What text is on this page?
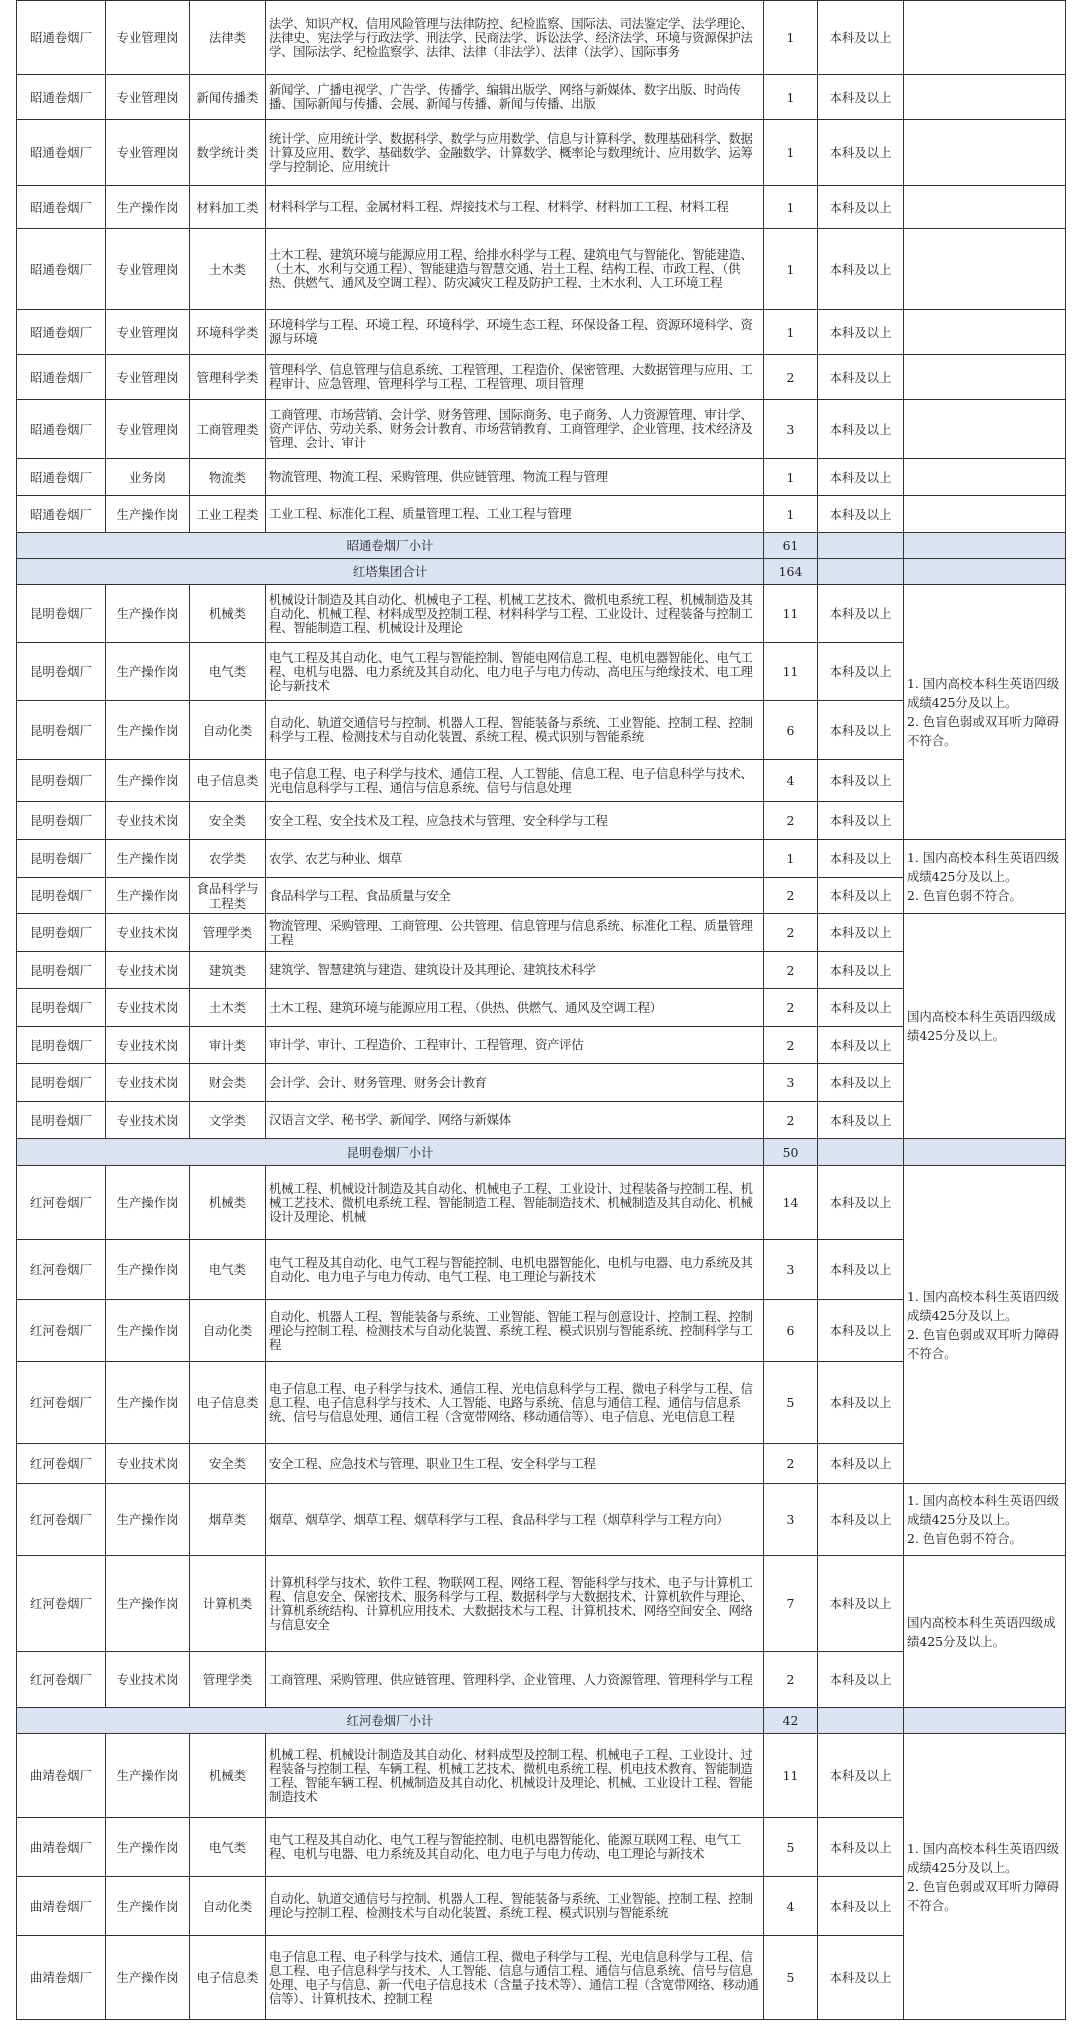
昭通卷烟厂	专业管理岗	法律类	法学、知识产权、信用风险管理与法律防控、纪检监察、国际法、司法鉴定学、法学理论、法律史、宪法学与行政法学、刑法学、民商法学、诉讼法学、经济法学、环境与资源保护法学、国际法学、纪检监察学、法律、法律（非法学）、法律（法学）、国际事务	1	本科及以上	
昭通卷烟厂	专业管理岗	新闻传播类	新闻学、广播电视学、广告学、传播学、编辑出版学、网络与新媒体、数字出版、时尚传播、国际新闻与传播、会展、新闻与传播、新闻与传播、出版	1	本科及以上	
昭通卷烟厂	专业管理岗	数学统计类	统计学、应用统计学、数据科学、数学与应用数学、信息与计算科学、数理基础科学、数据计算及应用、数学、基础数学、金融数学、计算数学、概率论与数理统计、应用数学、运筹学与控制论、应用统计	1	本科及以上	
昭通卷烟厂	生产操作岗	材料加工类	材料科学与工程、金属材料工程、焊接技术与工程、材料学、材料加工工程、材料工程	1	本科及以上	
昭通卷烟厂	专业管理岗	土木类	土木工程、建筑环境与能源应用工程、给排水科学与工程、建筑电气与智能化、智能建造、（土木、水利与交通工程）、智能建造与智慧交通、岩土工程、结构工程、市政工程、（供热、供燃气、通风及空调工程）、防灾减灾工程及防护工程、土木水利、人工环境工程	1	本科及以上	
昭通卷烟厂	专业管理岗	环境科学类	环境科学与工程、环境工程、环境科学、环境生态工程、环保设备工程、资源环境科学、资源与环境	1	本科及以上	
昭通卷烟厂	专业管理岗	管理科学类	管理科学、信息管理与信息系统、工程管理、工程造价、保密管理、大数据管理与应用、工程审计、应急管理、管理科学与工程、工程管理、项目管理	2	本科及以上	
昭通卷烟厂	专业管理岗	工商管理类	工商管理、市场营销、会计学、财务管理、国际商务、电子商务、人力资源管理、审计学、资产评估、劳动关系、财务会计教育、市场营销教育、工商管理学、企业管理、技术经济及管理、会计、审计	3	本科及以上	
昭通卷烟厂	业务岗	物流类	物流管理、物流工程、采购管理、供应链管理、物流工程与管理	1	本科及以上	
昭通卷烟厂	生产操作岗	工业工程类	工业工程、标准化工程、质量管理工程、工业工程与管理	1	本科及以上	
昭通卷烟厂小计				61		
红塔集团合计				164		
昆明卷烟厂	生产操作岗	机械类	机械设计制造及其自动化、机械电子工程、机械工艺技术、微机电系统工程、机械制造及其自动化、机械工程、材料成型及控制工程、材料科学与工程、工业设计、过程装备与控制工程、智能制造工程、机械设计及理论	11	本科及以上	1. 国内高校本科生英语四级成绩425分及以上。
2. 色盲色弱或双耳听力障碍不符合。
昆明卷烟厂	生产操作岗	电气类	电气工程及其自动化、电气工程与智能控制、智能电网信息工程、电机电器智能化、电气工程、电机与电器、电力系统及其自动化、电力电子与电力传动、高电压与绝缘技术、电工理论与新技术	11	本科及以上	
昆明卷烟厂	生产操作岗	自动化类	自动化、轨道交通信号与控制、机器人工程、智能装备与系统、工业智能、控制工程、控制科学与工程、检测技术与自动化装置、系统工程、模式识别与智能系统	6	本科及以上	
昆明卷烟厂	生产操作岗	电子信息类	电子信息工程、电子科学与技术、通信工程、人工智能、信息工程、电子信息科学与技术、光电信息科学与工程、通信与信息系统、信号与信息处理	4	本科及以上	
昆明卷烟厂	专业技术岗	安全类	安全工程、安全技术及工程、应急技术与管理、安全科学与工程	2	本科及以上	
昆明卷烟厂	生产操作岗	农学类	农学、农艺与种业、烟草	1	本科及以上	1. 国内高校本科生英语四级成绩425分及以上。
2. 色盲色弱不符合。
昆明卷烟厂	生产操作岗	食品科学与工程类	食品科学与工程、食品质量与安全	2	本科及以上	
昆明卷烟厂	专业技术岗	管理学类	物流管理、采购管理、工商管理、公共管理、信息管理与信息系统、标准化工程、质量管理工程	2	本科及以上	国内高校本科生英语四级成绩425分及以上。
昆明卷烟厂	专业技术岗	建筑类	建筑学、智慧建筑与建造、建筑设计及其理论、建筑技术科学	2	本科及以上	
昆明卷烟厂	专业技术岗	土木类	土木工程、建筑环境与能源应用工程、（供热、供燃气、通风及空调工程）	2	本科及以上	
昆明卷烟厂	专业技术岗	审计类	审计学、审计、工程造价、工程审计、工程管理、资产评估	2	本科及以上	
昆明卷烟厂	专业技术岗	财会类	会计学、会计、财务管理、财务会计教育	3	本科及以上	
昆明卷烟厂	专业技术岗	文学类	汉语言文学、秘书学、新闻学、网络与新媒体	2	本科及以上	
昆明卷烟厂小计				50		
红河卷烟厂	生产操作岗	机械类	机械工程、机械设计制造及其自动化、机械电子工程、工业设计、过程装备与控制工程、机械工艺技术、微机电系统工程、智能制造工程、智能制造技术、机械制造及其自动化、机械设计及理论、机械	14	本科及以上	1. 国内高校本科生英语四级成绩425分及以上。
2. 色盲色弱或双耳听力障碍不符合。
红河卷烟厂	生产操作岗	电气类	电气工程及其自动化、电气工程与智能控制、电机电器智能化、电机与电器、电力系统及其自动化、电力电子与电力传动、电气工程、电工理论与新技术	3	本科及以上	
红河卷烟厂	生产操作岗	自动化类	自动化、机器人工程、智能装备与系统、工业智能、智能工程与创意设计、控制工程、控制理论与控制工程、检测技术与自动化装置、系统工程、模式识别与智能系统、控制科学与工程	6	本科及以上	
红河卷烟厂	生产操作岗	电子信息类	电子信息工程、电子科学与技术、通信工程、光电信息科学与工程、微电子科学与工程、信息工程、电子信息科学与技术、人工智能、电路与系统、信息与通信工程、通信与信息系统、信号与信息处理、通信工程（含宽带网络、移动通信等）、电子信息、光电信息工程	5	本科及以上	
红河卷烟厂	专业技术岗	安全类	安全工程、应急技术与管理、职业卫生工程、安全科学与工程	2	本科及以上	
红河卷烟厂	生产操作岗	烟草类	烟草、烟草学、烟草工程、烟草科学与工程、食品科学与工程（烟草科学与工程方向）	3	本科及以上	1. 国内高校本科生英语四级成绩425分及以上。
2. 色盲色弱不符合。
红河卷烟厂	生产操作岗	计算机类	计算机科学与技术、软件工程、物联网工程、网络工程、智能科学与技术、电子与计算机工程、信息安全、保密技术、服务科学与工程、数据科学与大数据技术、计算机软件与理论、计算机系统结构、计算机应用技术、大数据技术与工程、计算机技术、网络空间安全、网络与信息安全	7	本科及以上	国内高校本科生英语四级成绩425分及以上。
红河卷烟厂	专业技术岗	管理学类	工商管理、采购管理、供应链管理、管理科学、企业管理、人力资源管理、管理科学与工程	2	本科及以上	
红河卷烟厂小计				42		
曲靖卷烟厂	生产操作岗	机械类	机械工程、机械设计制造及其自动化、材料成型及控制工程、机械电子工程、工业设计、过程装备与控制工程、车辆工程、机械工艺技术、微机电系统工程、机电技术教育、智能制造工程、智能车辆工程、机械制造及其自动化、机械设计及理论、机械、工业设计工程、智能制造技术	11	本科及以上	1. 国内高校本科生英语四级成绩425分及以上。
2. 色盲色弱或双耳听力障碍不符合。
曲靖卷烟厂	生产操作岗	电气类	电气工程及其自动化、电气工程与智能控制、电机电器智能化、能源互联网工程、电气工程、电机与电器、电力系统及其自动化、电力电子与电力传动、电工理论与新技术	5	本科及以上	
曲靖卷烟厂	生产操作岗	自动化类	自动化、轨道交通信号与控制、机器人工程、智能装备与系统、工业智能、控制工程、控制理论与控制工程、检测技术与自动化装置、系统工程、模式识别与智能系统	4	本科及以上	
曲靖卷烟厂	生产操作岗	电子信息类	电子信息工程、电子科学与技术、通信工程、微电子科学与工程、光电信息科学与工程、信息工程、电子信息科学与技术、人工智能、信息与通信工程、通信与信息系统、信号与信息处理、电子与信息、新一代电子信息技术（含量子技术等）、通信工程（含宽带网络、移动通信等）、计算机技术、控制工程	5	本科及以上	
